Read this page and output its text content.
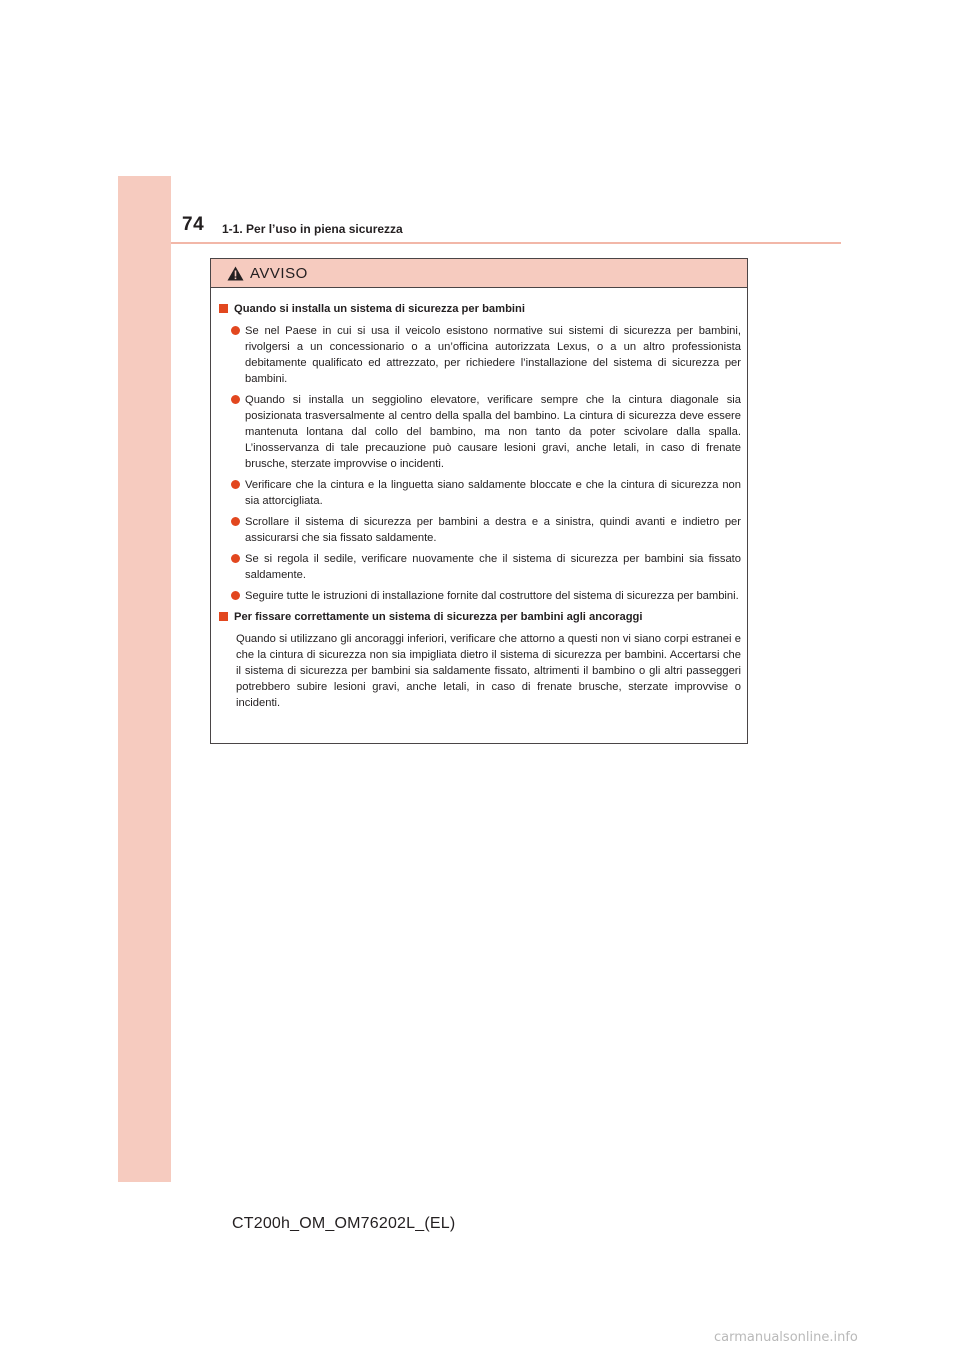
74 1-1. Per l’uso in piena sicurezza
AVVISO
Quando si installa un sistema di sicurezza per bambini
Se nel Paese in cui si usa il veicolo esistono normative sui sistemi di sicurezza per bambini, rivolgersi a un concessionario o a un’officina autorizzata Lexus, o a un altro professionista debitamente qualificato ed attrezzato, per richiedere l’installazione del sistema di sicurezza per bambini.
Quando si installa un seggiolino elevatore, verificare sempre che la cintura diagonale sia posizionata trasversalmente al centro della spalla del bambino. La cintura di sicurezza deve essere mantenuta lontana dal collo del bambino, ma non tanto da poter scivolare dalla spalla. L’inosservanza di tale precauzione può causare lesioni gravi, anche letali, in caso di frenate brusche, sterzate improvvise o incidenti.
Verificare che la cintura e la linguetta siano saldamente bloccate e che la cintura di sicurezza non sia attorcigliata.
Scrollare il sistema di sicurezza per bambini a destra e a sinistra, quindi avanti e indietro per assicurarsi che sia fissato saldamente.
Se si regola il sedile, verificare nuovamente che il sistema di sicurezza per bambini sia fissato saldamente.
Seguire tutte le istruzioni di installazione fornite dal costruttore del sistema di sicurezza per bambini.
Per fissare correttamente un sistema di sicurezza per bambini agli ancoraggi
Quando si utilizzano gli ancoraggi inferiori, verificare che attorno a questi non vi siano corpi estranei e che la cintura di sicurezza non sia impigliata dietro il sistema di sicurezza per bambini. Accertarsi che il sistema di sicurezza per bambini sia saldamente fissato, altrimenti il bambino o gli altri passeggeri potrebbero subire lesioni gravi, anche letali, in caso di frenate brusche, sterzate improvvise o incidenti.
CT200h_OM_OM76202L_(EL)
carmanualsonline.info
